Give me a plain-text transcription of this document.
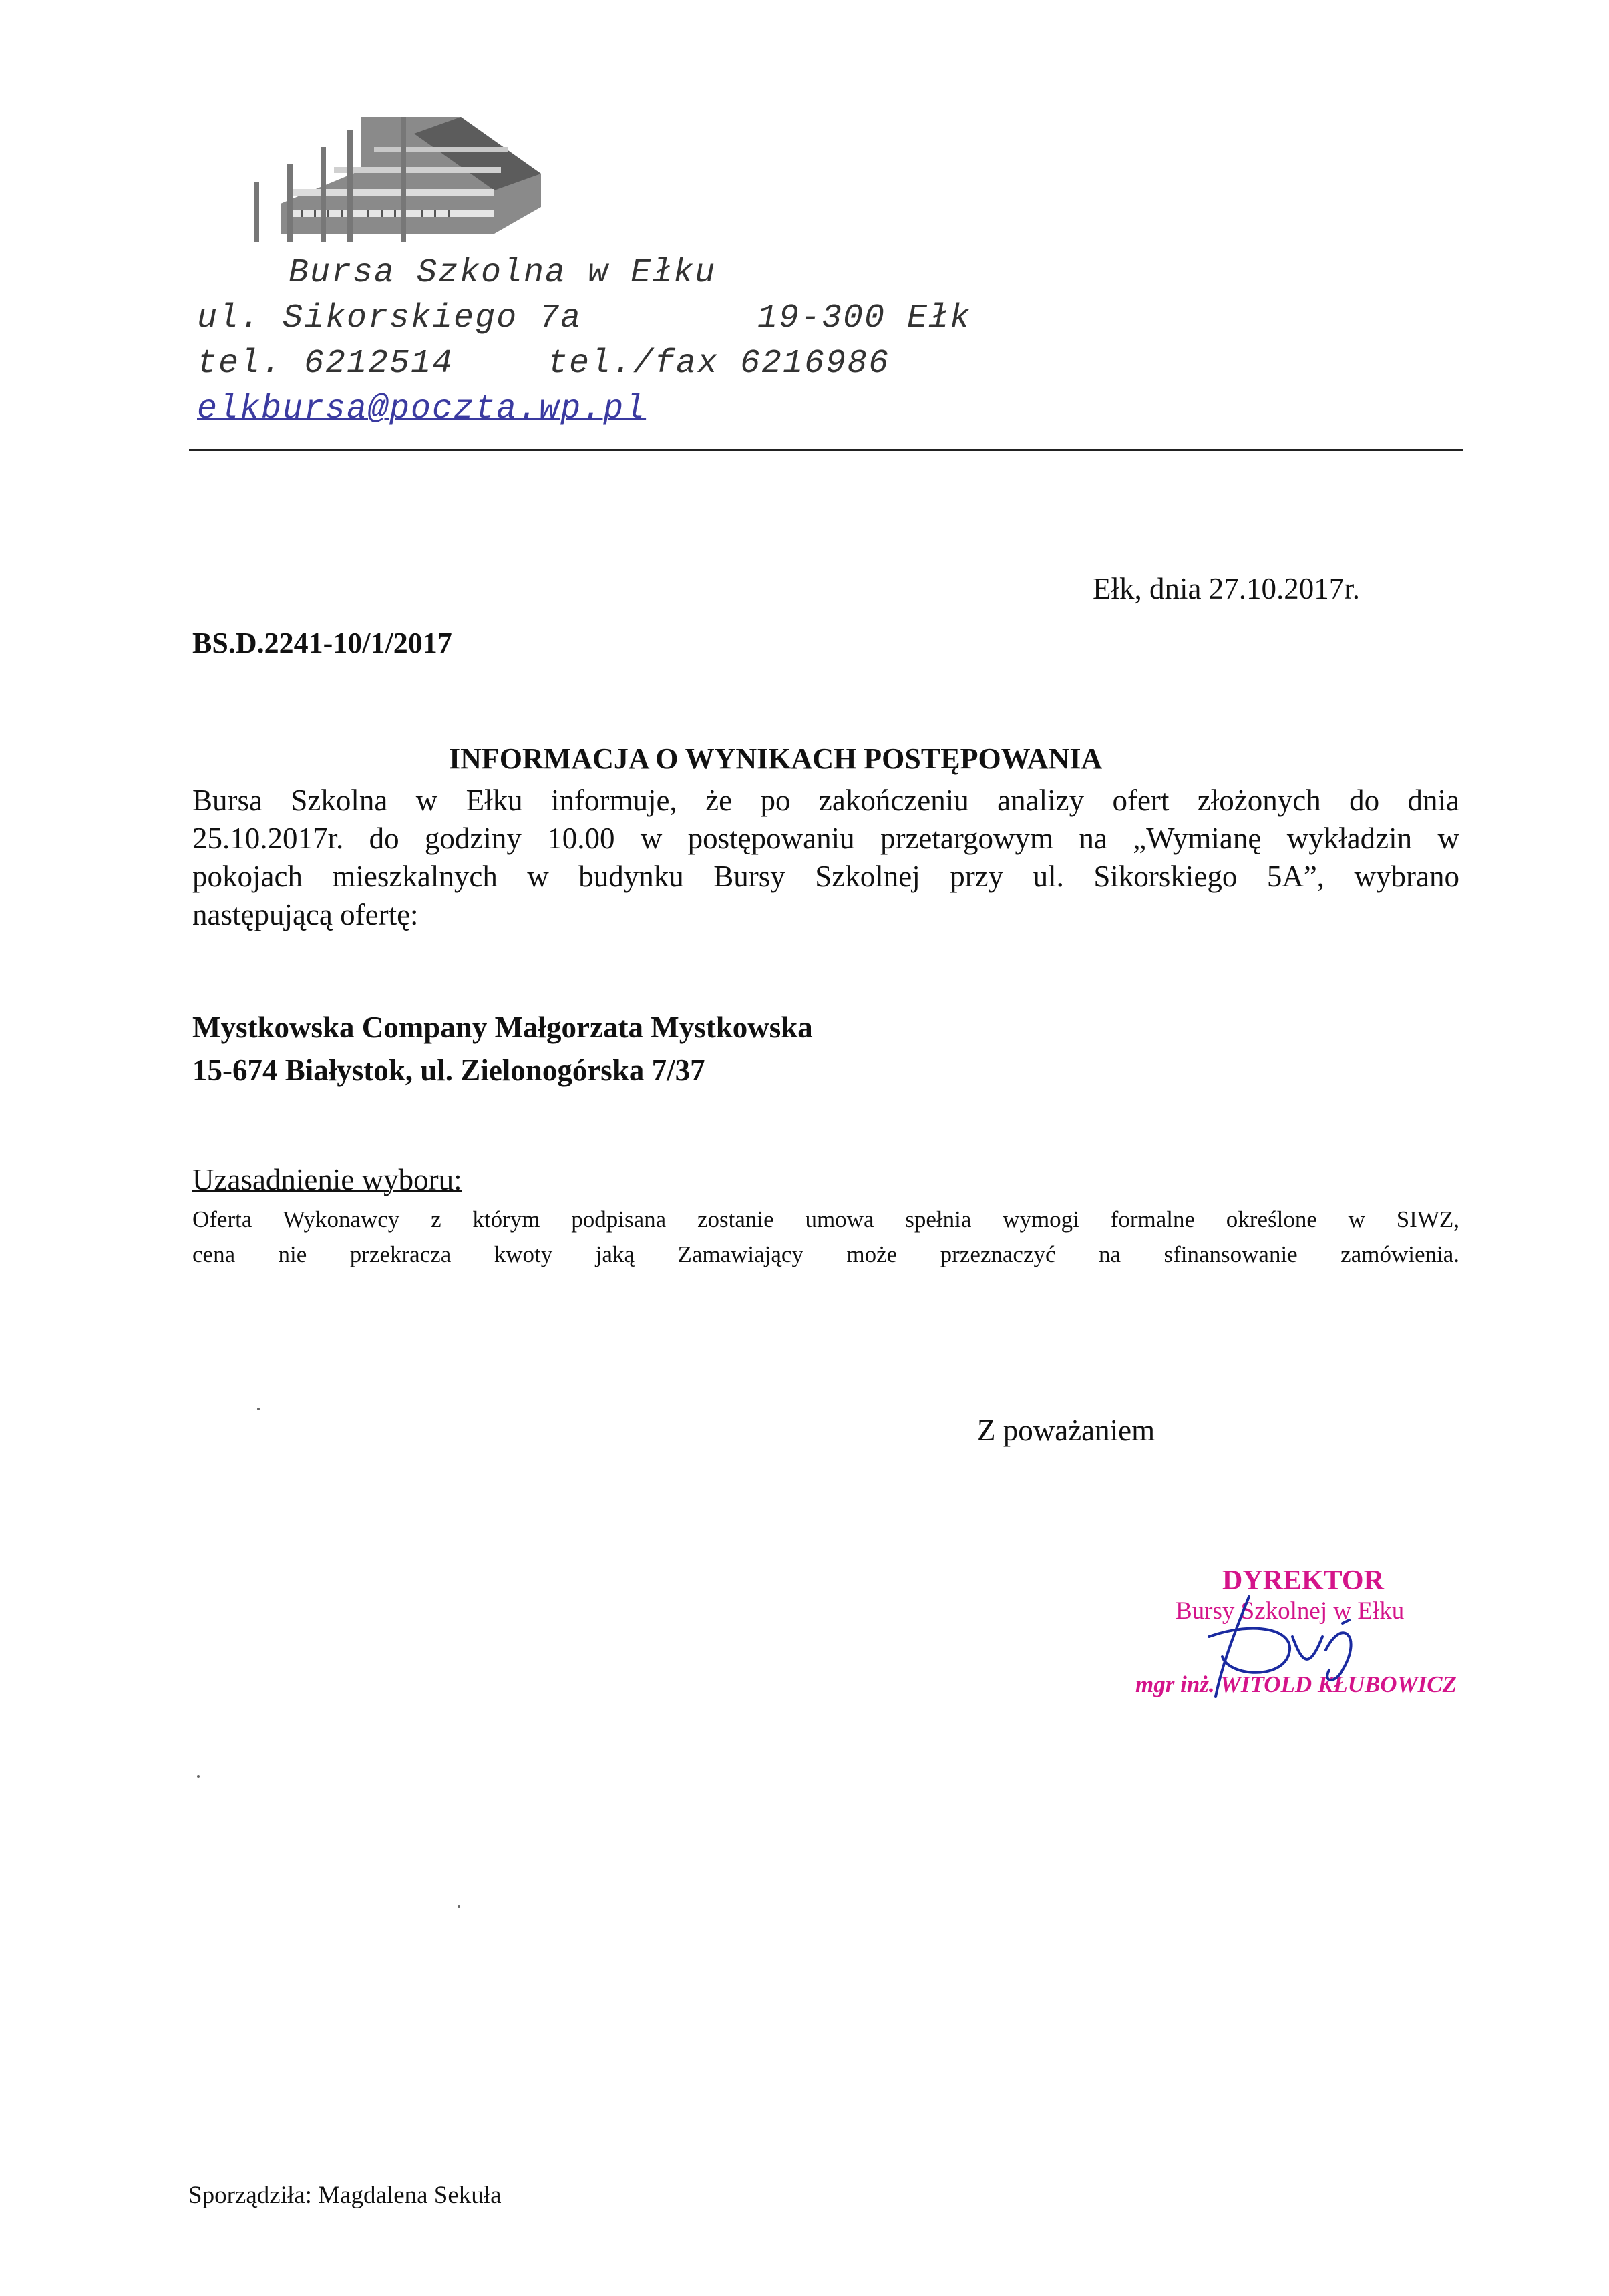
Bursa Szkolna w Ełku
ul. Sikorskiego 7a	19-300 Ełk
tel. 6212514	tel./fax 6216986
elkbursa@poczta.wp.pl
Ełk, dnia 27.10.2017r.
BS.D.2241-10/1/2017
INFORMACJA O WYNIKACH POSTĘPOWANIA
Bursa Szkolna w Ełku informuje, że po zakończeniu analizy ofert złożonych do dnia
25.10.2017r. do godziny 10.00 w postępowaniu przetargowym na „Wymianę wykładzin w
pokojach mieszkalnych w budynku Bursy Szkolnej przy ul. Sikorskiego 5A”, wybrano
następującą ofertę:
Mystkowska Company Małgorzata Mystkowska
15-674 Białystok, ul. Zielonogórska 7/37
Uzasadnienie wyboru:
Oferta Wykonawcy z którym podpisana zostanie umowa spełnia wymogi formalne określone w SIWZ,
cena nie przekracza kwoty jaką Zamawiający może przeznaczyć na sfinansowanie zamówienia.
Z poważaniem
DYREKTOR
Bursy Szkolnej w Ełku
mgr inż. WITOLD KŁUBOWICZ
Sporządziła: Magdalena Sekuła
